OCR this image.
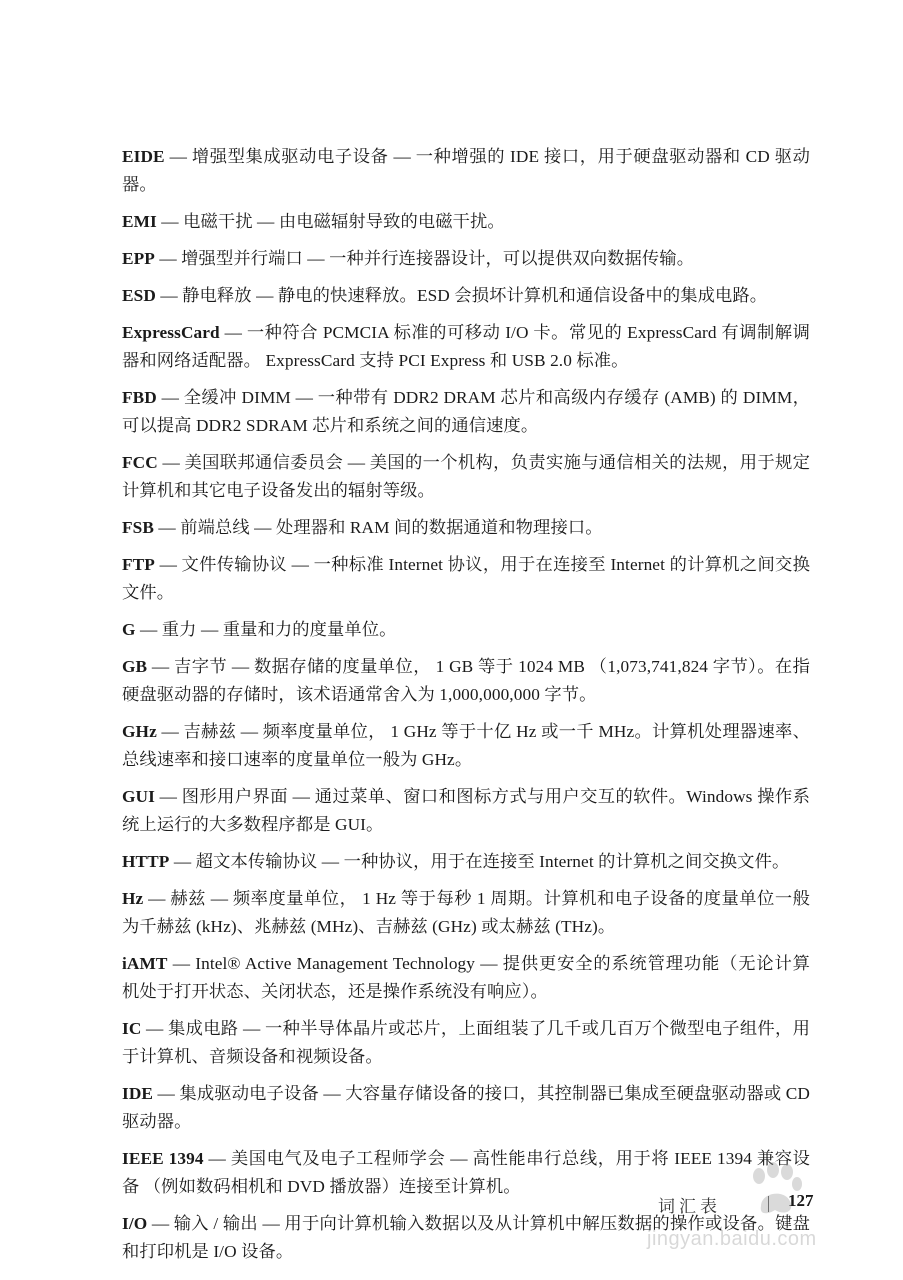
EIDE — 增强型集成驱动电子设备 — 一种增强的 IDE 接口，用于硬盘驱动器和 CD 驱动器。

EMI — 电磁干扰 — 由电磁辐射导致的电磁干扰。

EPP — 增强型并行端口 — 一种并行连接器设计，可以提供双向数据传输。

ESD — 静电释放 — 静电的快速释放。ESD 会损坏计算机和通信设备中的集成电路。

ExpressCard — 一种符合 PCMCIA 标准的可移动 I/O 卡。常见的 ExpressCard 有调制解调器和网络适配器。 ExpressCard 支持 PCI Express 和 USB 2.0 标准。

FBD — 全缓冲 DIMM — 一种带有 DDR2 DRAM 芯片和高级内存缓存 (AMB) 的 DIMM，可以提高 DDR2 SDRAM 芯片和系统之间的通信速度。

FCC — 美国联邦通信委员会 — 美国的一个机构，负责实施与通信相关的法规，用于规定计算机和其它电子设备发出的辐射等级。

FSB — 前端总线 — 处理器和 RAM 间的数据通道和物理接口。

FTP — 文件传输协议 — 一种标准 Internet 协议，用于在连接至 Internet 的计算机之间交换文件。

G — 重力 — 重量和力的度量单位。

GB — 吉字节 — 数据存储的度量单位， 1 GB 等于 1024 MB （1,073,741,824 字节）。在指硬盘驱动器的存储时，该术语通常舍入为 1,000,000,000 字节。

GHz — 吉赫兹 — 频率度量单位， 1 GHz 等于十亿 Hz 或一千 MHz。计算机处理器速率、总线速率和接口速率的度量单位一般为 GHz。

GUI — 图形用户界面 — 通过菜单、窗口和图标方式与用户交互的软件。Windows 操作系统上运行的大多数程序都是 GUI。

HTTP — 超文本传输协议 — 一种协议，用于在连接至 Internet 的计算机之间交换文件。

Hz — 赫兹 — 频率度量单位， 1 Hz 等于每秒 1 周期。计算机和电子设备的度量单位一般为千赫兹 (kHz)、兆赫兹 (MHz)、吉赫兹 (GHz) 或太赫兹 (THz)。

iAMT — Intel® Active Management Technology — 提供更安全的系统管理功能（无论计算机处于打开状态、关闭状态，还是操作系统没有响应）。

IC — 集成电路 — 一种半导体晶片或芯片，上面组装了几千或几百万个微型电子组件，用于计算机、音频设备和视频设备。

IDE — 集成驱动电子设备 — 大容量存储设备的接口，其控制器已集成至硬盘驱动器或 CD 驱动器。

IEEE 1394 — 美国电气及电子工程师学会 — 高性能串行总线，用于将 IEEE 1394 兼容设备 （例如数码相机和 DVD 播放器）连接至计算机。

I/O — 输入 / 输出 — 用于向计算机输入数据以及从计算机中解压数据的操作或设备。键盘和打印机是 I/O 设备。

词汇表	127
jingyan.baidu.com
